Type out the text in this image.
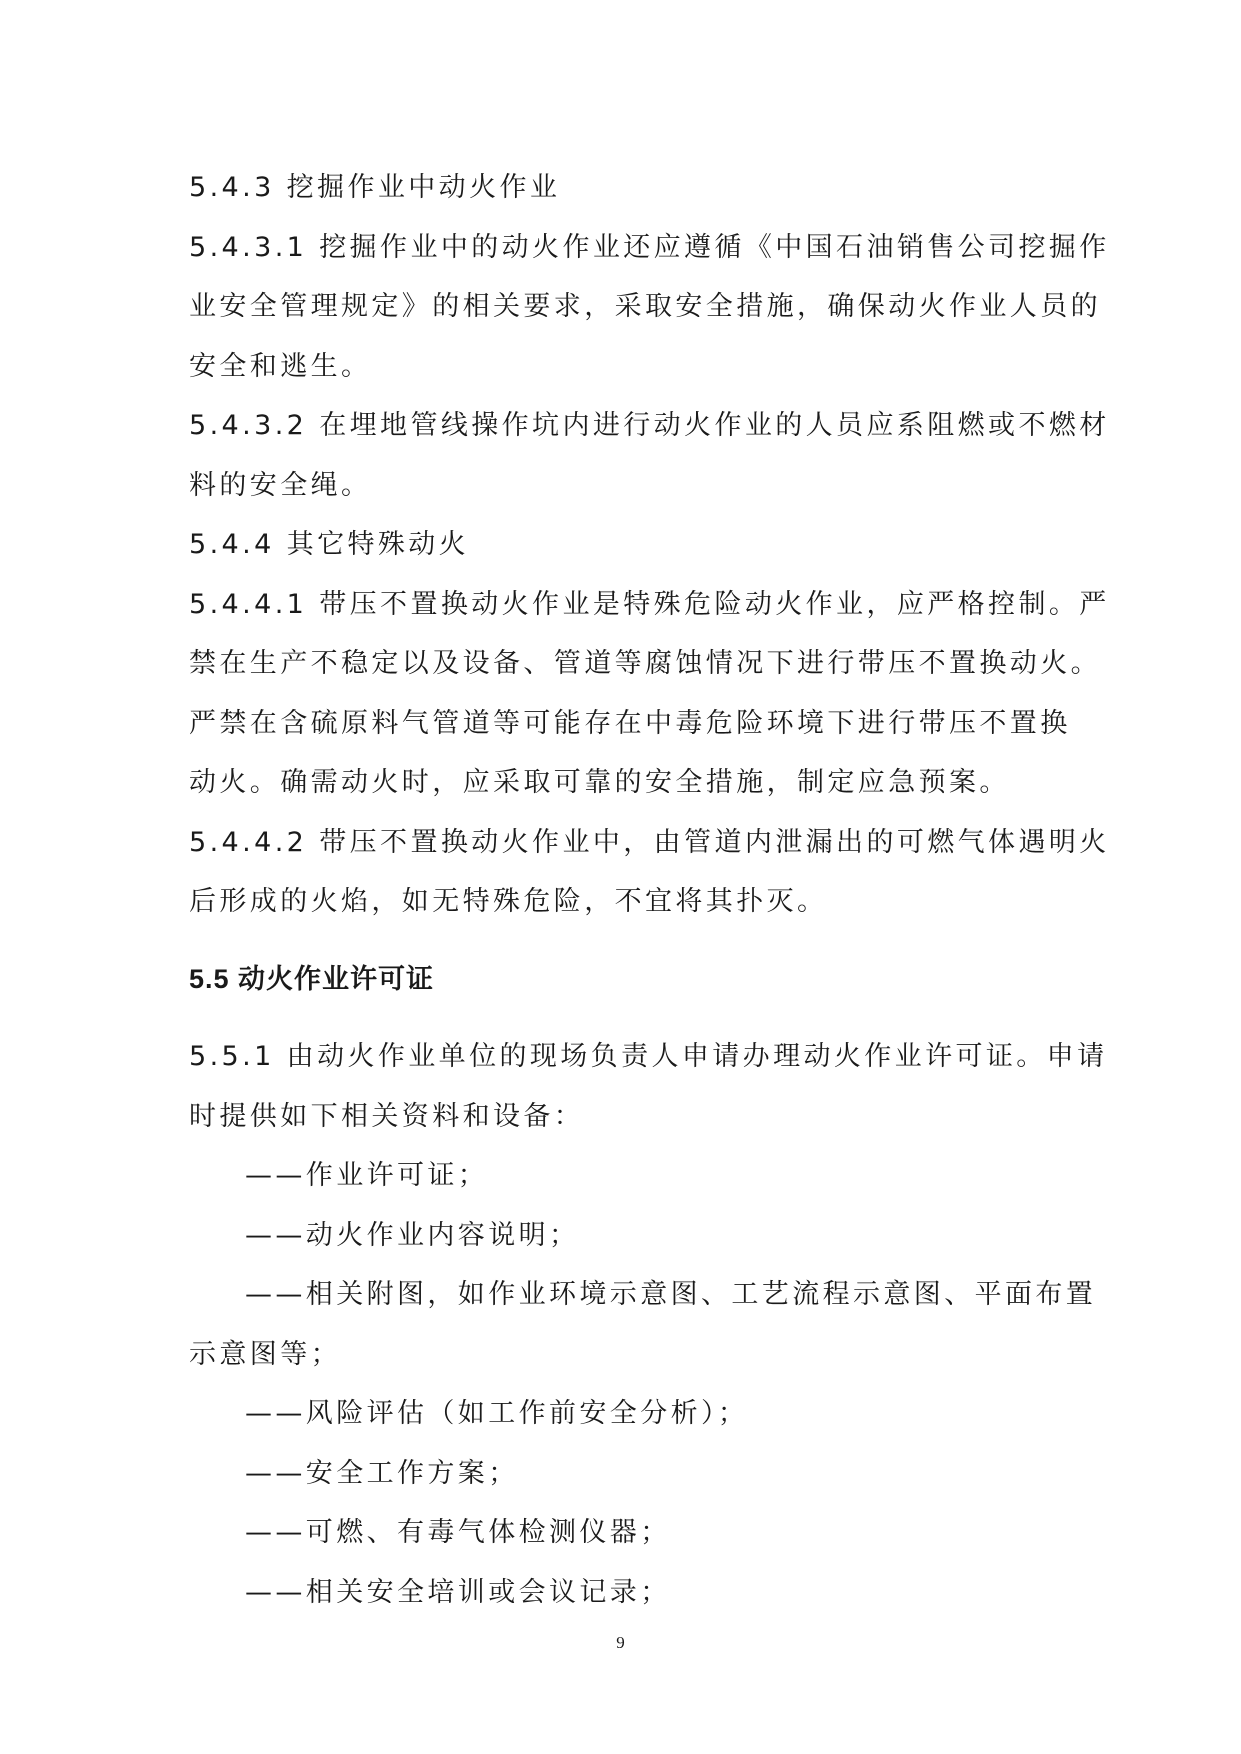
5.4.3 挖掘作业中动火作业

5.4.3.1 挖掘作业中的动火作业还应遵循《中国石油销售公司挖掘作

业安全管理规定》的相关要求，采取安全措施，确保动火作业人员的

安全和逃生。

5.4.3.2 在埋地管线操作坑内进行动火作业的人员应系阻燃或不燃材

料的安全绳。

5.4.4 其它特殊动火

5.4.4.1 带压不置换动火作业是特殊危险动火作业，应严格控制。严

禁在生产不稳定以及设备、管道等腐蚀情况下进行带压不置换动火。

严禁在含硫原料气管道等可能存在中毒危险环境下进行带压不置换

动火。确需动火时，应采取可靠的安全措施，制定应急预案。

5.4.4.2 带压不置换动火作业中，由管道内泄漏出的可燃气体遇明火

后形成的火焰，如无特殊危险，不宜将其扑灭。

5.5 动火作业许可证

5.5.1 由动火作业单位的现场负责人申请办理动火作业许可证。申请

时提供如下相关资料和设备：

——作业许可证；

——动火作业内容说明；

——相关附图，如作业环境示意图、工艺流程示意图、平面布置

示意图等；

——风险评估（如工作前安全分析）；

——安全工作方案；

——可燃、有毒气体检测仪器；

——相关安全培训或会议记录；

9
